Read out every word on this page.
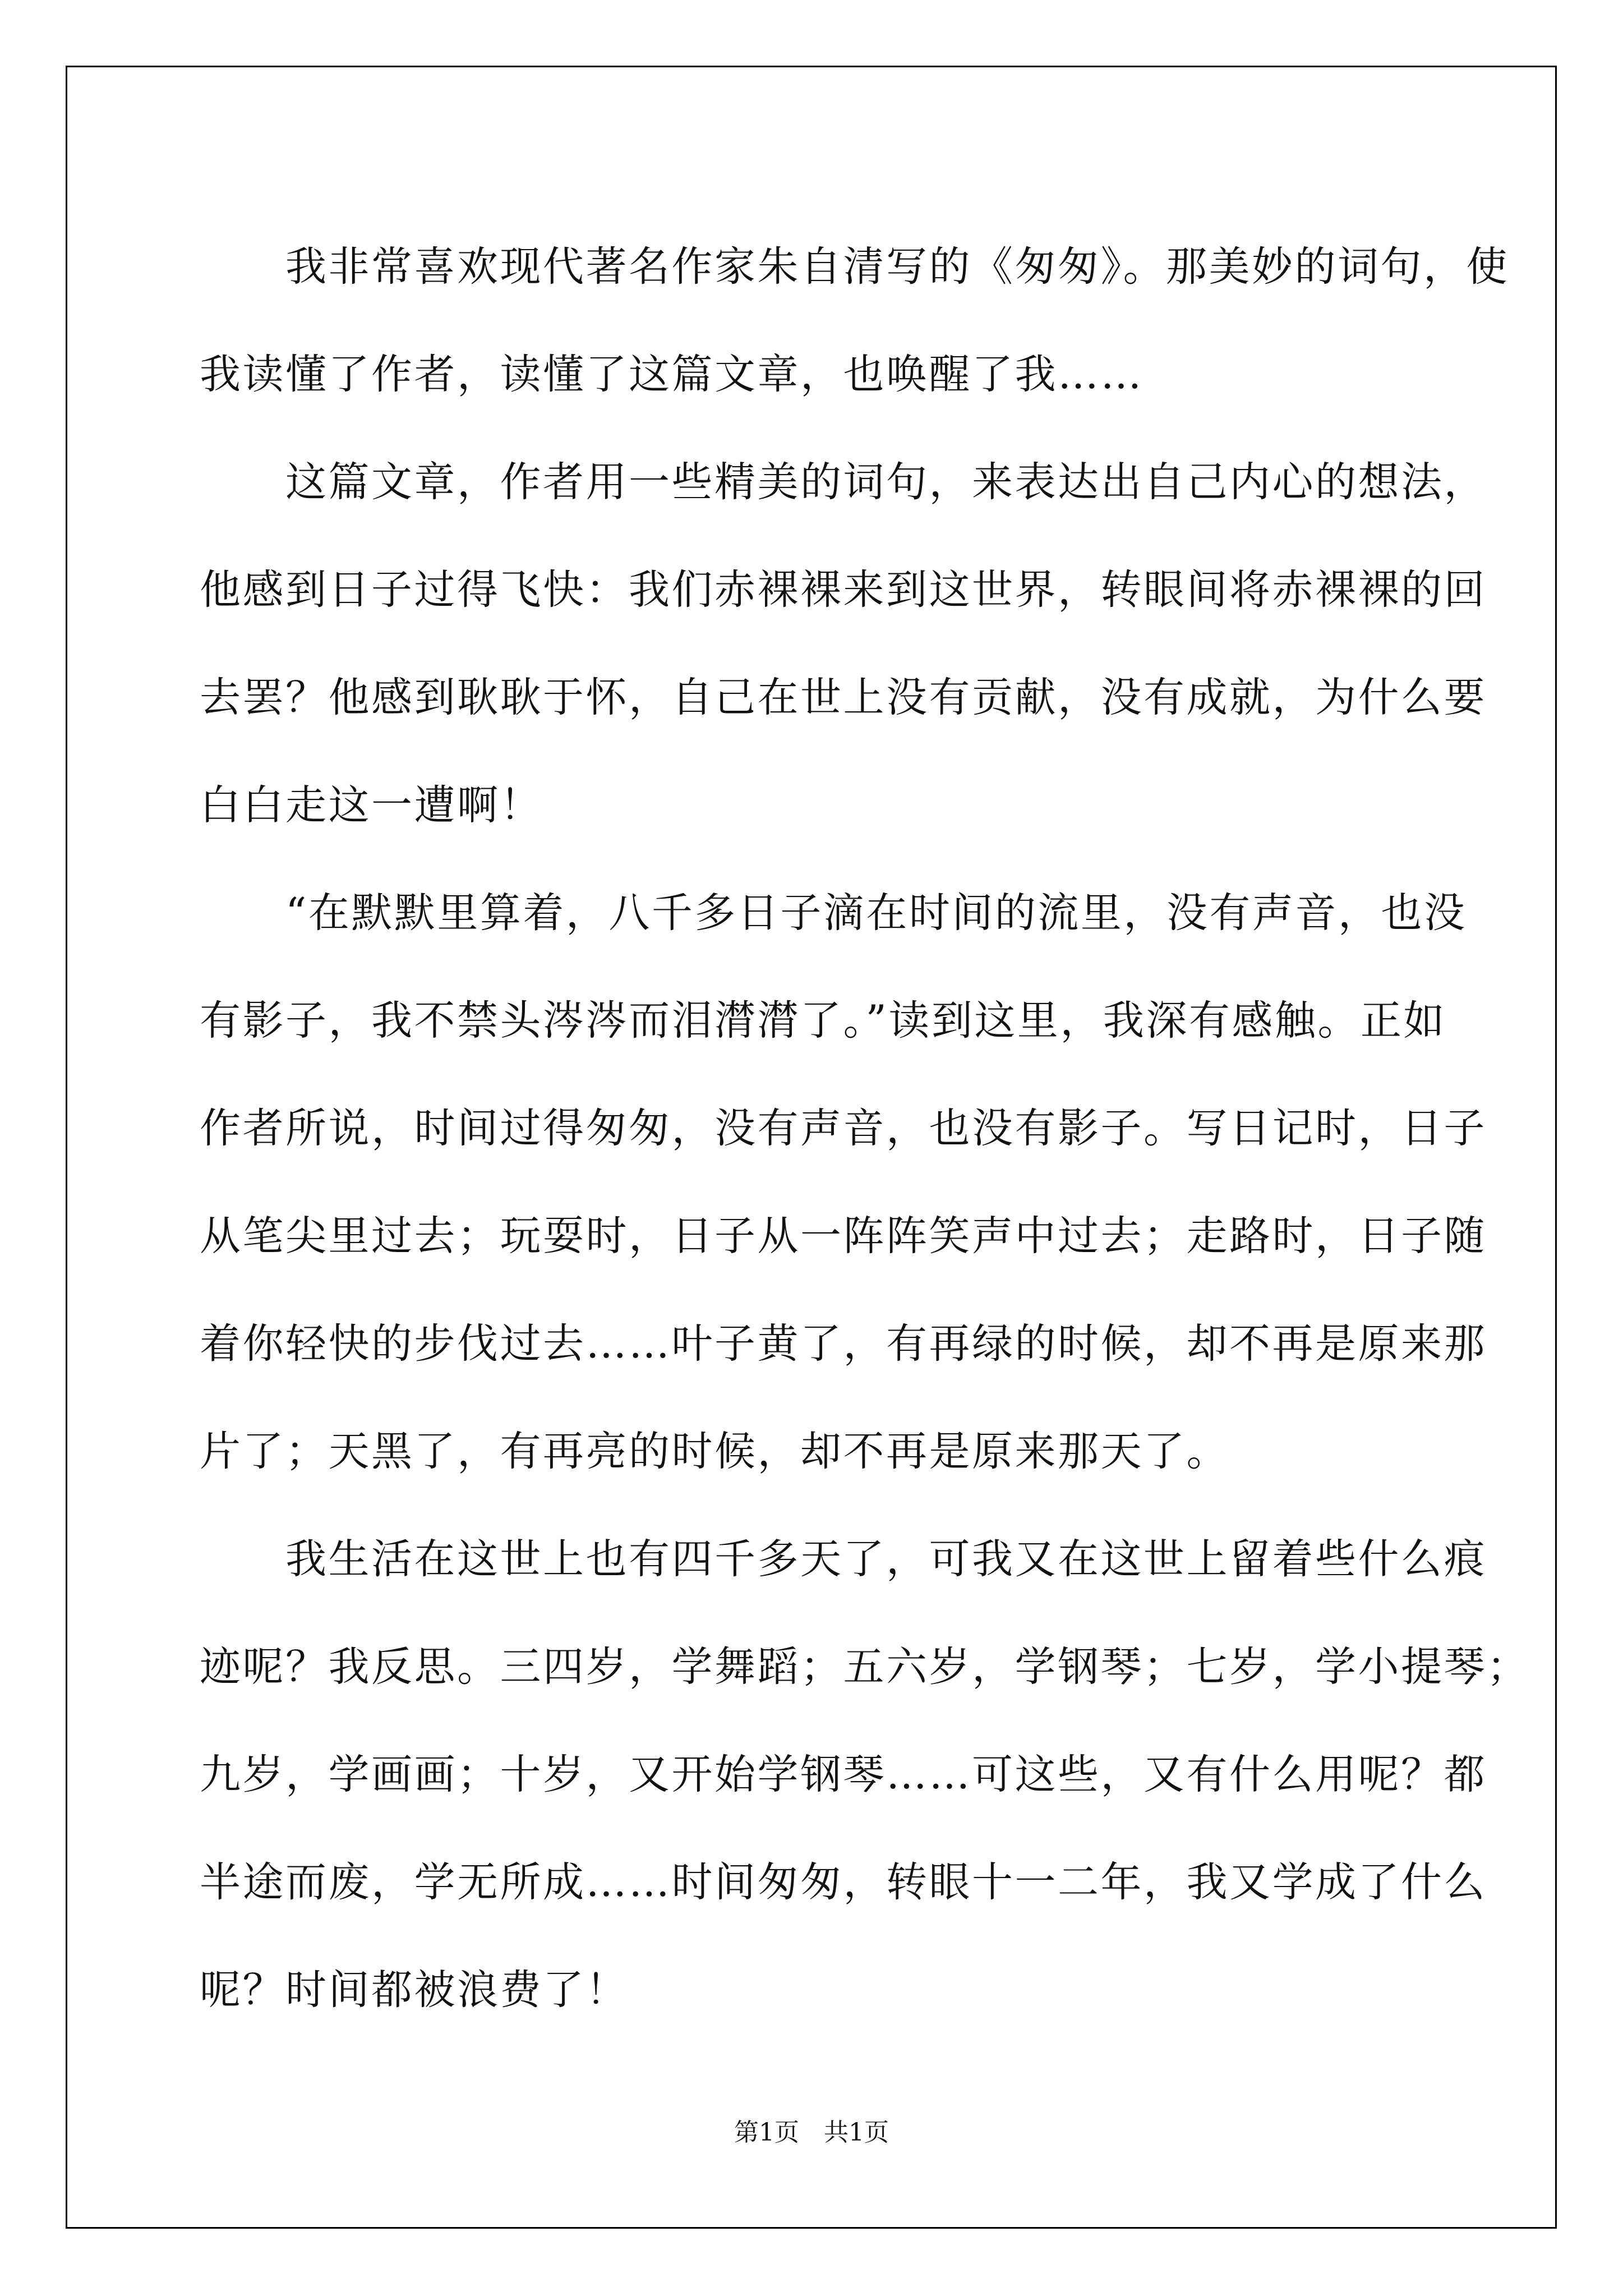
　　我非常喜欢现代著名作家朱自清写的《匆匆》。那美妙的词句，使
我读懂了作者，读懂了这篇文章，也唤醒了我……
　　这篇文章，作者用一些精美的词句，来表达出自己内心的想法，
他感到日子过得飞快：我们赤裸裸来到这世界，转眼间将赤裸裸的回
去罢？他感到耿耿于怀，自己在世上没有贡献，没有成就，为什么要
白白走这一遭啊！
　　“在默默里算着，八千多日子滴在时间的流里，没有声音，也没
有影子，我不禁头涔涔而泪潸潸了。”读到这里，我深有感触。正如
作者所说，时间过得匆匆，没有声音，也没有影子。写日记时，日子
从笔尖里过去；玩耍时，日子从一阵阵笑声中过去；走路时，日子随
着你轻快的步伐过去……叶子黄了，有再绿的时候，却不再是原来那
片了；天黑了，有再亮的时候，却不再是原来那天了。
　　我生活在这世上也有四千多天了，可我又在这世上留着些什么痕
迹呢？我反思。三四岁，学舞蹈；五六岁，学钢琴；七岁，学小提琴；
九岁，学画画；十岁，又开始学钢琴……可这些，又有什么用呢？都
半途而废，学无所成……时间匆匆，转眼十一二年，我又学成了什么
呢？时间都被浪费了！
第1页　共1页
